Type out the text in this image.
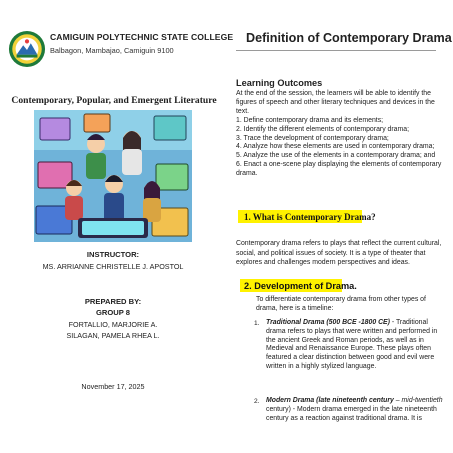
CAMIGUIN POLYTECHNIC STATE COLLEGE
Balbagon, Mambajao, Camiguin 9100
Contemporary, Popular, and Emergent Literature
INSTRUCTOR:
MS. ARRIANNE CHRISTELLE J. APOSTOL
PREPARED BY:
GROUP 8
FORTALLIO, MARJORIE A.
SILAGAN, PAMELA RHEA L.
November 17, 2025
Definition of Contemporary Drama
Learning Outcomes
At the end of the session, the learners will be able to identify the
figures of speech and other literary techniques and devices in the
text.
1. Define contemporary drama and its elements;
2. Identify the different elements of contemporary drama;
3. Trace the development of contemporary drama;
4. Analyze how these elements are used in contemporary drama;
5. Analyze the use of the elements in a contemporary drama; and
6. Enact a one-scene play displaying the elements of contemporary
drama.
1. What is Contemporary Drama?
Contemporary drama refers to plays that reflect the current cultural,
social, and political issues of society. It is a type of theater that
explores and challenges modern perspectives and ideas.
2. Development of Drama.
To differentiate contemporary drama from other types of
drama, here is a timeline:
1. Traditional Drama (500 BCE -1800 CE) - Traditional
drama refers to plays that were written and performed in
the ancient Greek and Roman periods, as well as in
Medieval and Renaissance Europe. These plays often
featured a clear distinction between good and evil were
written in a highly stylized language.
2. Modern Drama (late nineteenth century – mid-twentieth
century) - Modern drama emerged in the late nineteenth
century as a reaction against traditional drama. It is
